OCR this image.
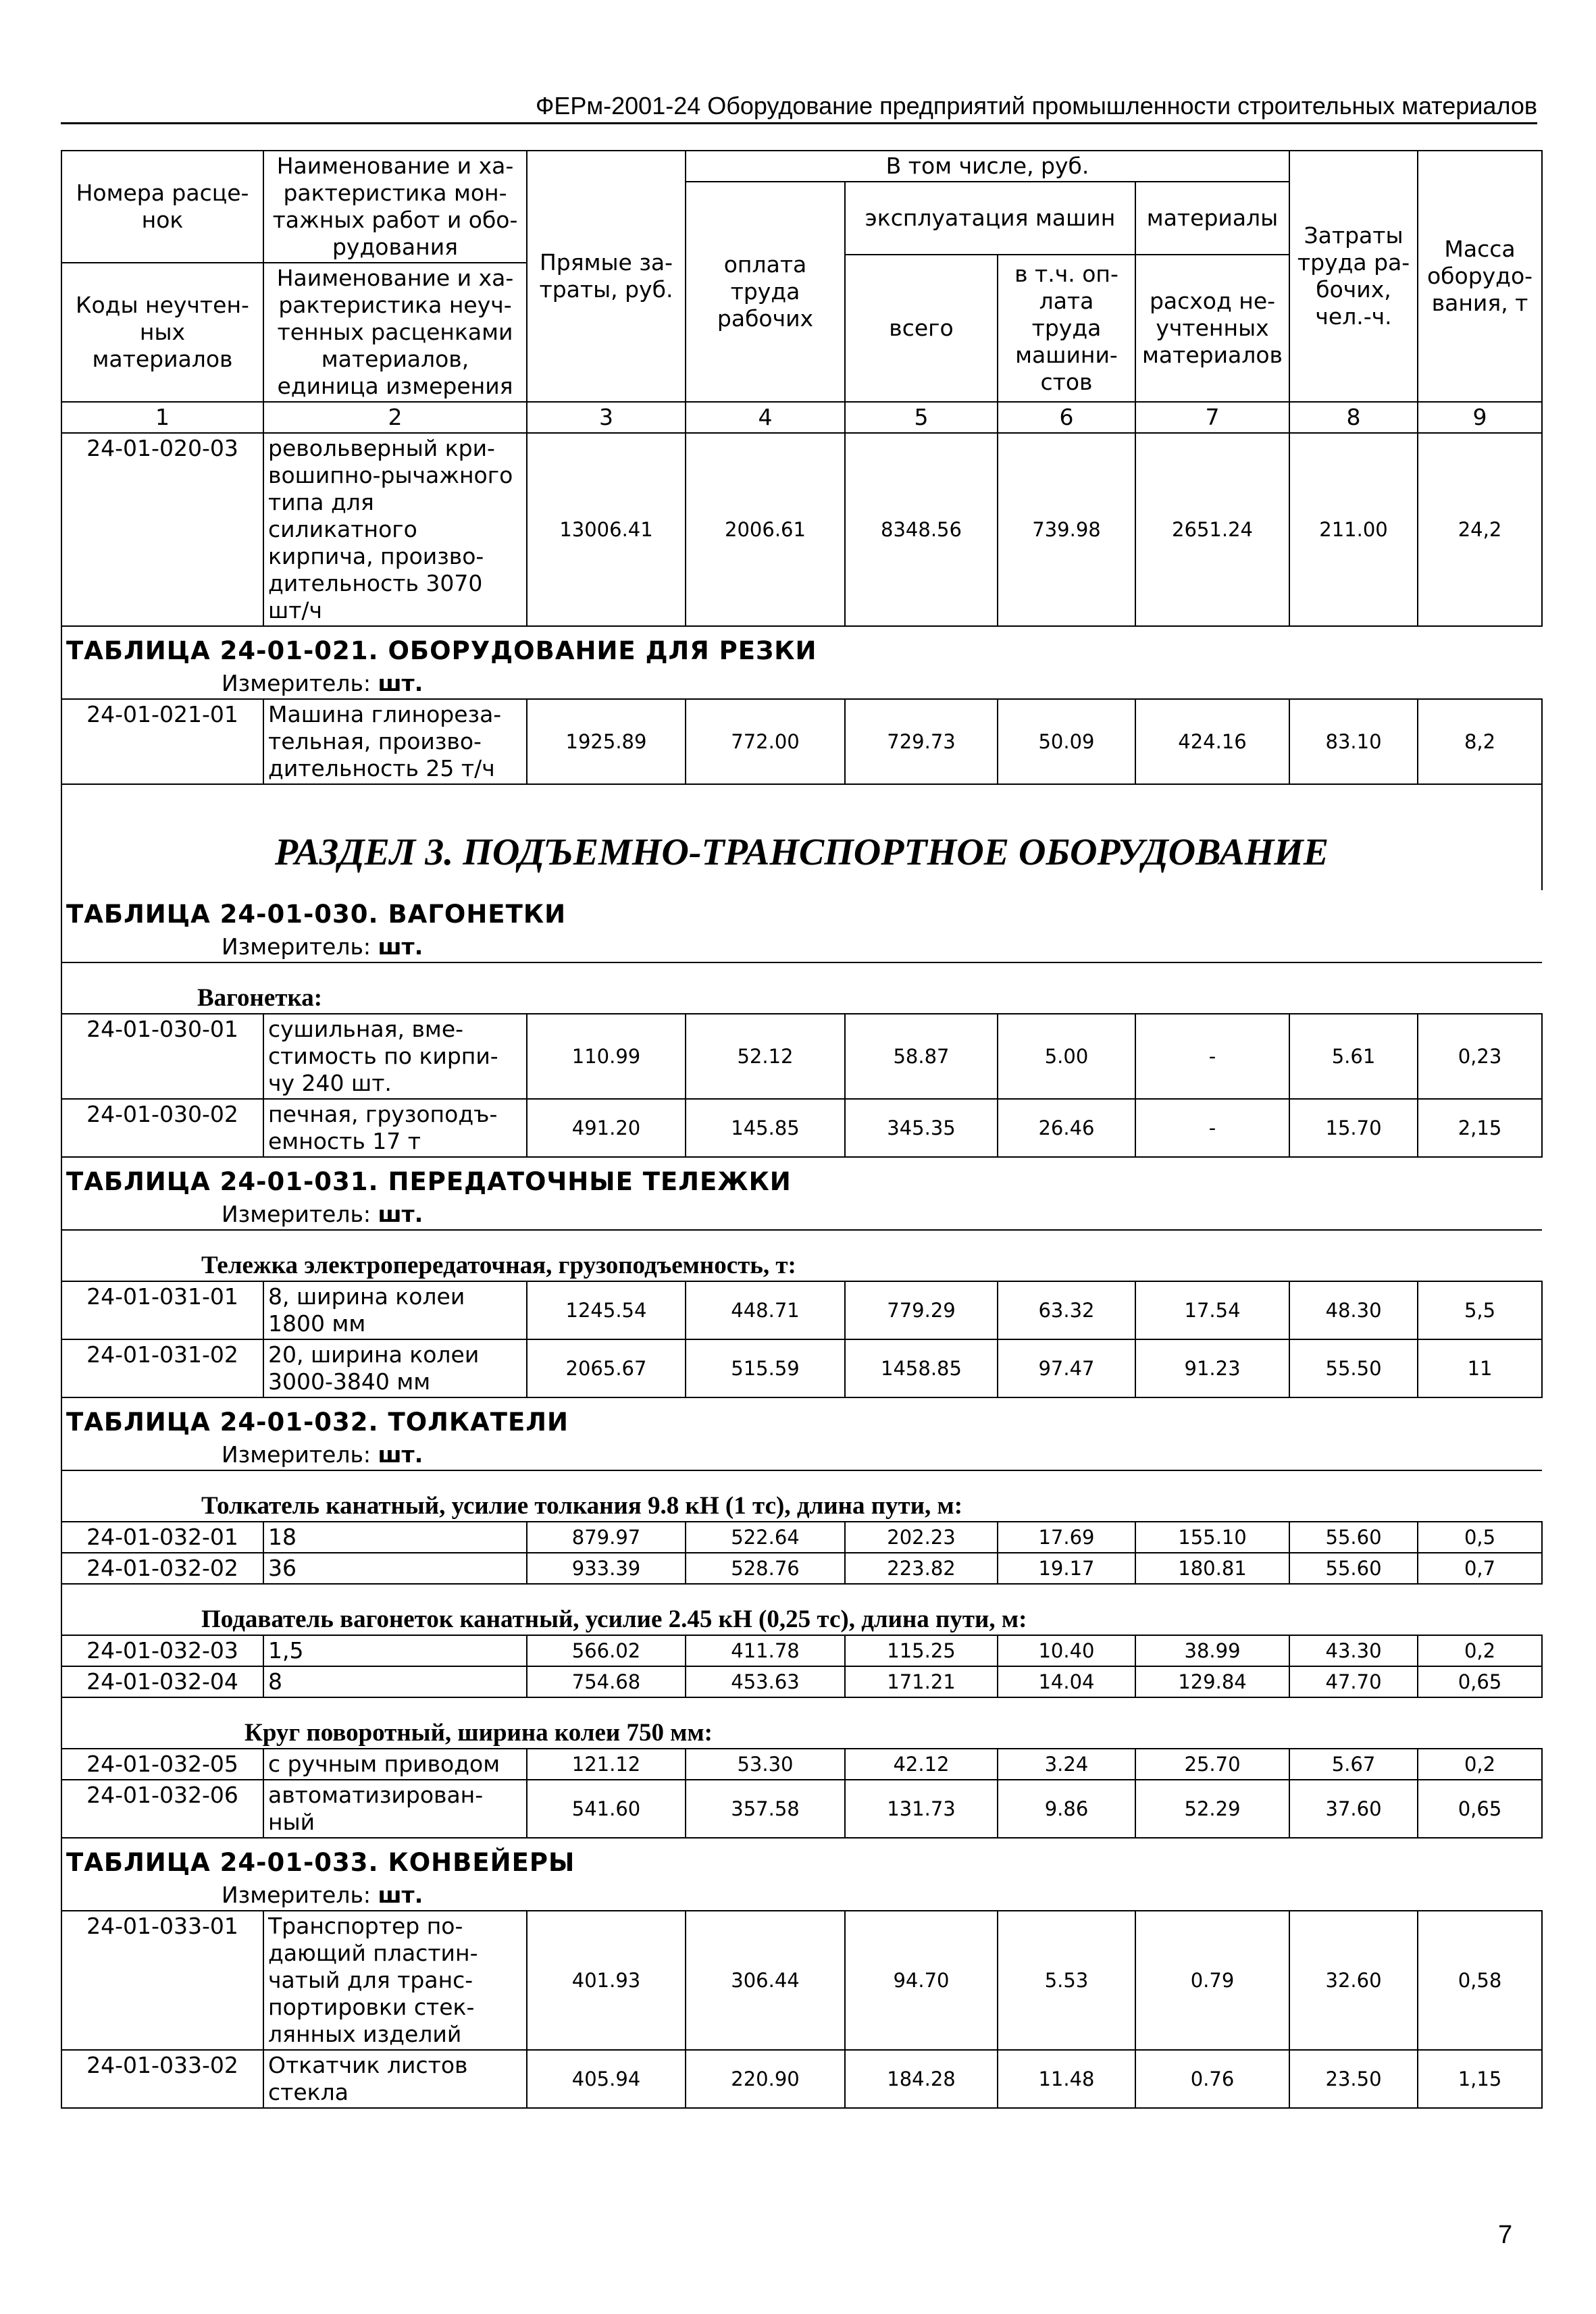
ФЕРм-2001-24 Оборудование предприятий промышленности строительных материалов
Номера расце-нок	Наименование и ха-рактеристика мон-тажных работ и обо-рудования	Прямые за-траты, руб.	В том числе, руб.				Затраты труда ра-бочих, чел.-ч.	Масса оборудо-вания, т
			оплата труда рабочих	эксплуатация машин		материалы		
				всего	в т.ч. оп-лата труда машини-стов	расход не-учтенных материалов		
Коды неучтен-ных материалов	Наименование и ха-рактеристика неуч-тенных расценками материалов, единица измерения							

1	2	3	4	5	6	7	8	9
24-01-020-03	револьверный кри-вошипно-рычажного типа для силикатного кирпича, произво-дительность 3070 шт/ч	13006.41	2006.61	8348.56	739.98	2651.24	211.00	24,2
ТАБЛИЦА 24-01-021. ОБОРУДОВАНИЕ ДЛЯ РЕЗКИ								
Измеритель: шт.								
24-01-021-01	Машина глинореза-тельная, произво-дительность 25 т/ч	1925.89	772.00	729.73	50.09	424.16	83.10	8,2
РАЗДЕЛ 3. ПОДЪЕМНО-ТРАНСПОРТНОЕ ОБОРУДОВАНИЕ								
ТАБЛИЦА 24-01-030. ВАГОНЕТКИ								
Измеритель: шт.								
Вагонетка:								
24-01-030-01	сушильная, вме-стимость по кирпи-чу 240 шт.	110.99	52.12	58.87	5.00	-	5.61	0,23
24-01-030-02	печная, грузоподъ-емность 17 т	491.20	145.85	345.35	26.46	-	15.70	2,15
ТАБЛИЦА 24-01-031. ПЕРЕДАТОЧНЫЕ ТЕЛЕЖКИ								
Измеритель: шт.								
Тележка электропередаточная, грузоподъемность, т:								
24-01-031-01	8, ширина колеи 1800 мм	1245.54	448.71	779.29	63.32	17.54	48.30	5,5
24-01-031-02	20, ширина колеи 3000-3840 мм	2065.67	515.59	1458.85	97.47	91.23	55.50	11
ТАБЛИЦА 24-01-032. ТОЛКАТЕЛИ								
Измеритель: шт.								
Толкатель канатный, усилие толкания 9.8 кН (1 тс), длина пути, м:								
24-01-032-01	18	879.97	522.64	202.23	17.69	155.10	55.60	0,5
24-01-032-02	36	933.39	528.76	223.82	19.17	180.81	55.60	0,7
Подаватель вагонеток канатный, усилие 2.45 кН (0,25 тс), длина пути, м:								
24-01-032-03	1,5	566.02	411.78	115.25	10.40	38.99	43.30	0,2
24-01-032-04	8	754.68	453.63	171.21	14.04	129.84	47.70	0,65
Круг поворотный, ширина колеи 750 мм:								
24-01-032-05	с ручным приводом	121.12	53.30	42.12	3.24	25.70	5.67	0,2
24-01-032-06	автоматизирован-ный	541.60	357.58	131.73	9.86	52.29	37.60	0,65
ТАБЛИЦА 24-01-033. КОНВЕЙЕРЫ								
Измеритель: шт.								
24-01-033-01	Транспортер по-дающий пластин-чатый для транс-портировки стек-лянных изделий	401.93	306.44	94.70	5.53	0.79	32.60	0,58
24-01-033-02	Откатчик листов стекла	405.94	220.90	184.28	11.48	0.76	23.50	1,15
7
